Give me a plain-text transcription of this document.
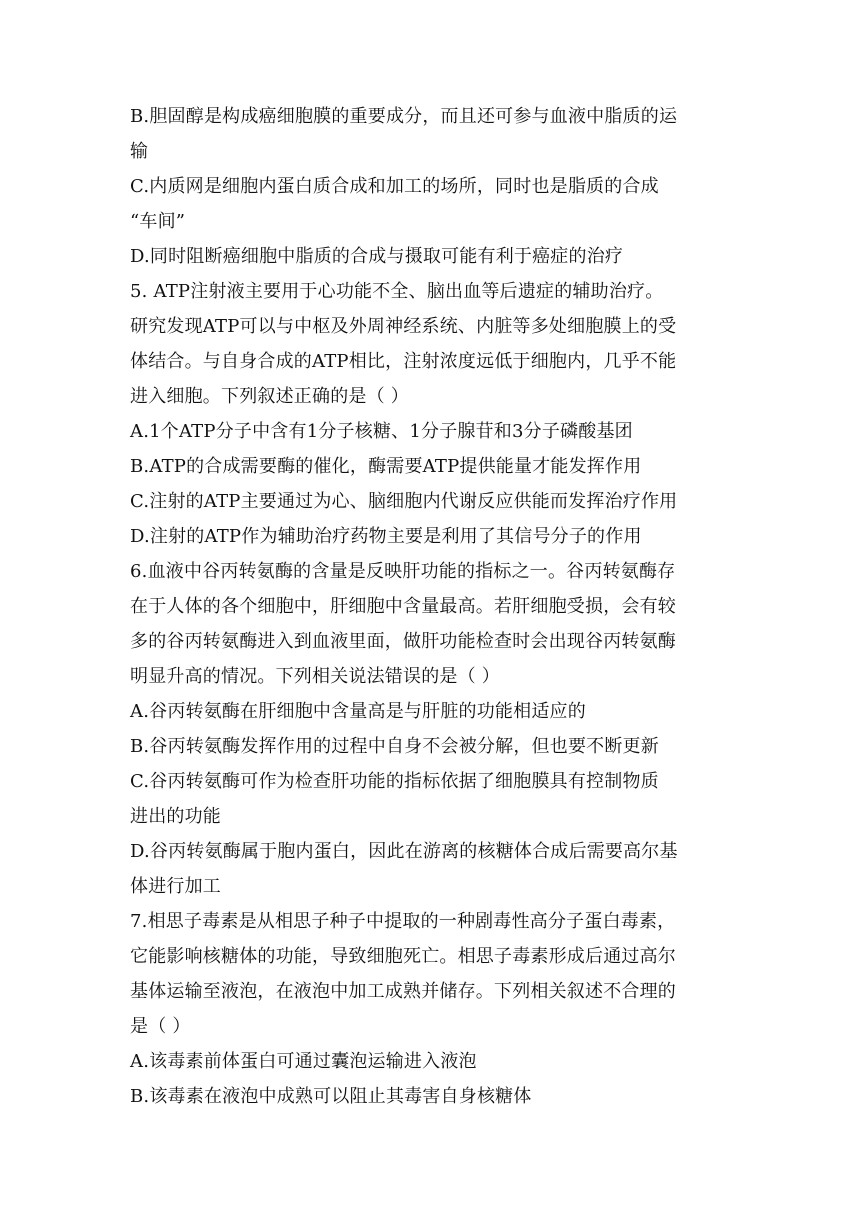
B.胆固醇是构成癌细胞膜的重要成分，而且还可参与血液中脂质的运
输
C.内质网是细胞内蛋白质合成和加工的场所，同时也是脂质的合成
“车间”
D.同时阻断癌细胞中脂质的合成与摄取可能有利于癌症的治疗
5. ATP注射液主要用于心功能不全、脑出血等后遗症的辅助治疗。
研究发现ATP可以与中枢及外周神经系统、内脏等多处细胞膜上的受
体结合。与自身合成的ATP相比，注射浓度远低于细胞内，几乎不能
进入细胞。下列叙述正确的是（ ）
A.1个ATP分子中含有1分子核糖、1分子腺苷和3分子磷酸基团
B.ATP的合成需要酶的催化，酶需要ATP提供能量才能发挥作用
C.注射的ATP主要通过为心、脑细胞内代谢反应供能而发挥治疗作用
D.注射的ATP作为辅助治疗药物主要是利用了其信号分子的作用
6.血液中谷丙转氨酶的含量是反映肝功能的指标之一。谷丙转氨酶存
在于人体的各个细胞中，肝细胞中含量最高。若肝细胞受损，会有较
多的谷丙转氨酶进入到血液里面，做肝功能检查时会出现谷丙转氨酶
明显升高的情况。下列相关说法错误的是（ ）
A.谷丙转氨酶在肝细胞中含量高是与肝脏的功能相适应的
B.谷丙转氨酶发挥作用的过程中自身不会被分解，但也要不断更新
C.谷丙转氨酶可作为检查肝功能的指标依据了细胞膜具有控制物质
进出的功能
D.谷丙转氨酶属于胞内蛋白，因此在游离的核糖体合成后需要高尔基
体进行加工
7.相思子毒素是从相思子种子中提取的一种剧毒性高分子蛋白毒素，
它能影响核糖体的功能，导致细胞死亡。相思子毒素形成后通过高尔
基体运输至液泡，在液泡中加工成熟并储存。下列相关叙述不合理的
是（ ）
A.该毒素前体蛋白可通过囊泡运输进入液泡
B.该毒素在液泡中成熟可以阻止其毒害自身核糖体
